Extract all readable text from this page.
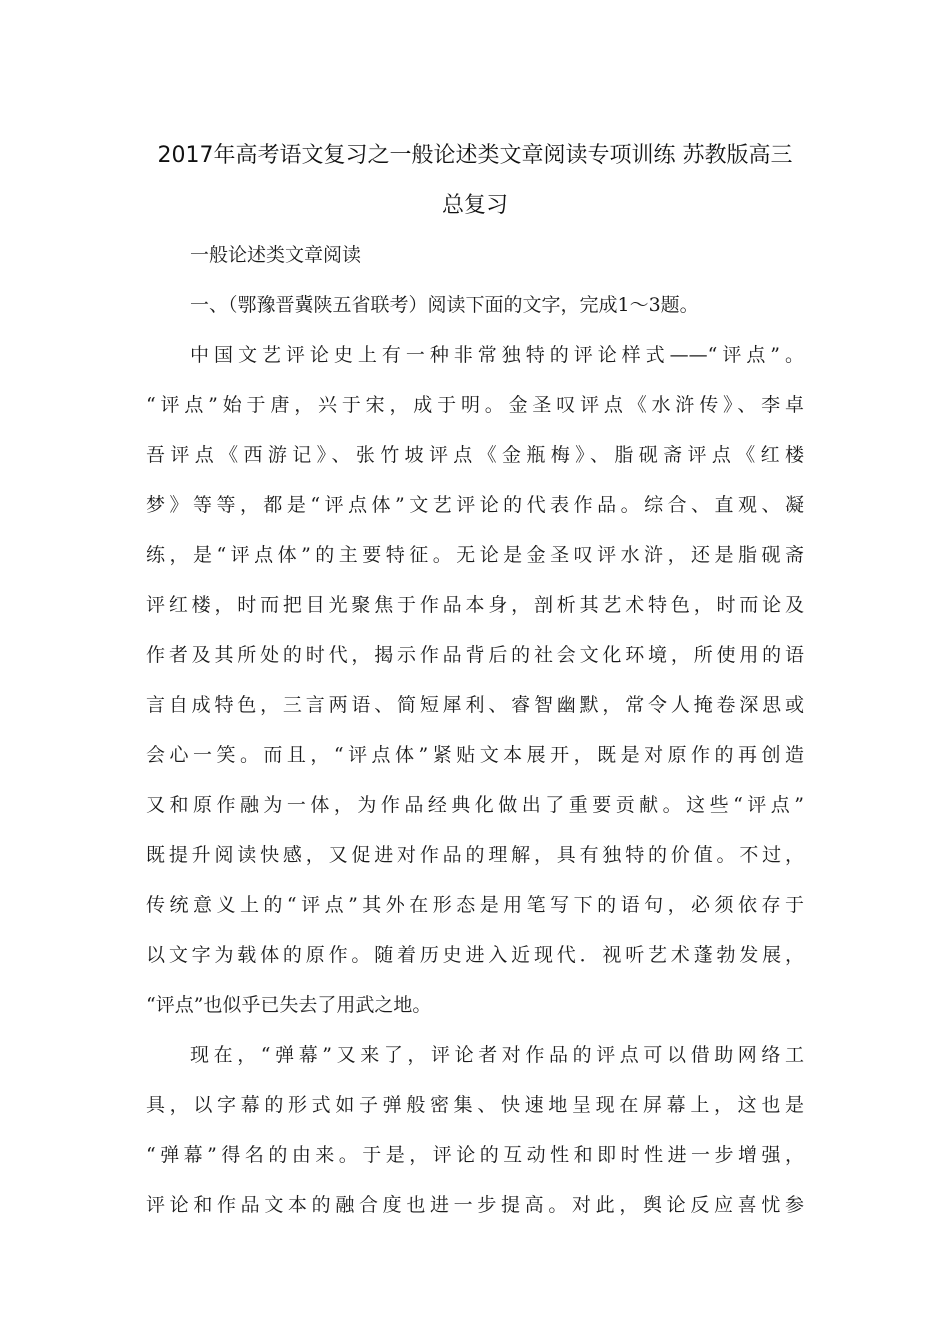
2017年高考语文复习之一般论述类文章阅读专项训练 苏教版高三
总复习
一般论述类文章阅读
一、（鄂豫晋冀陕五省联考）阅读下面的文字，完成1～3题。
中国文艺评论史上有一种非常独特的评论样式——“评点”。
“评点”始于唐，兴于宋，成于明。金圣叹评点《水浒传》、李卓
吾评点《西游记》、张竹坡评点《金瓶梅》、脂砚斋评点《红楼
梦》等等，都是“评点体”文艺评论的代表作品。综合、直观、凝
练，是“评点体”的主要特征。无论是金圣叹评水浒，还是脂砚斋
评红楼，时而把目光聚焦于作品本身，剖析其艺术特色，时而论及
作者及其所处的时代，揭示作品背后的社会文化环境，所使用的语
言自成特色，三言两语、简短犀利、睿智幽默，常令人掩卷深思或
会心一笑。而且，“评点体”紧贴文本展开，既是对原作的再创造
又和原作融为一体，为作品经典化做出了重要贡献。这些“评点”
既提升阅读快感，又促进对作品的理解，具有独特的价值。不过，
传统意义上的“评点”其外在形态是用笔写下的语句，必须依存于
以文字为载体的原作。随着历史进入近现代．视听艺术蓬勃发展，
“评点”也似乎已失去了用武之地。
现在，“弹幕”又来了，评论者对作品的评点可以借助网络工
具，以字幕的形式如子弹般密集、快速地呈现在屏幕上，这也是
“弹幕”得名的由来。于是，评论的互动性和即时性进一步增强，
评论和作品文本的融合度也进一步提高。对此，舆论反应喜忧参
